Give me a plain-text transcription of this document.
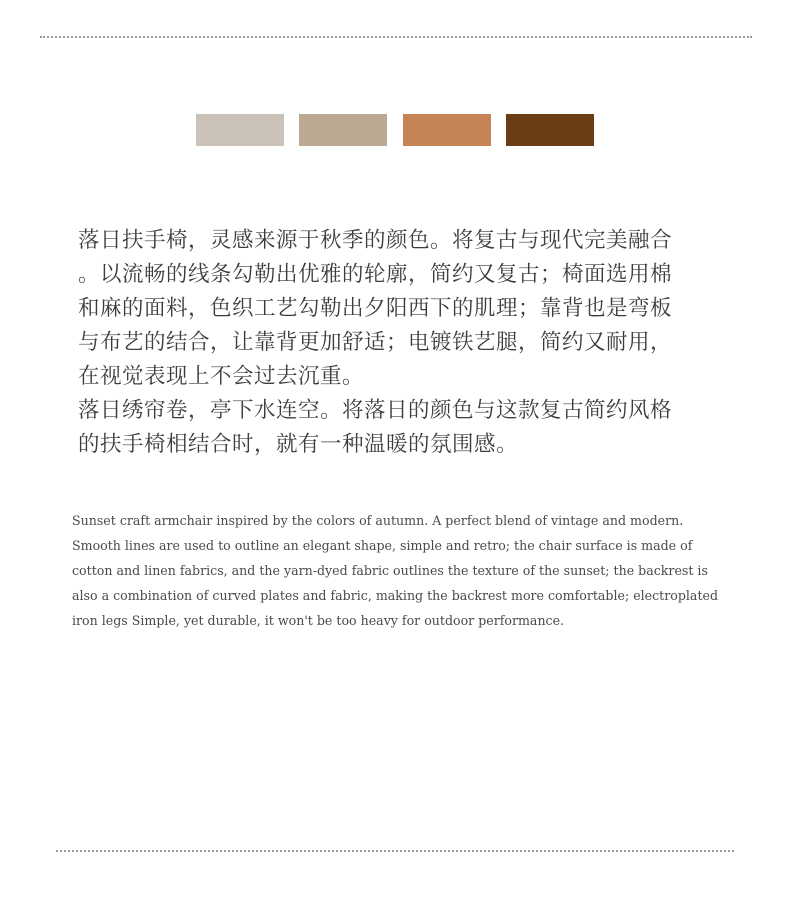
落日扶手椅，灵感来源于秋季的颜色。将复古与现代完美融合
。以流畅的线条勾勒出优雅的轮廓，简约又复古；椅面选用棉
和麻的面料，色织工艺勾勒出夕阳西下的肌理；靠背也是弯板
与布艺的结合，让靠背更加舒适；电镀铁艺腿，简约又耐用，
在视觉表现上不会过去沉重。
落日绣帘卷，亭下水连空。将落日的颜色与这款复古简约风格
的扶手椅相结合时，就有一种温暖的氛围感。
Sunset craft armchair inspired by the colors of autumn. A perfect blend of vintage and modern.
Smooth lines are used to outline an elegant shape, simple and retro; the chair surface is made of
cotton and linen fabrics, and the yarn-dyed fabric outlines the texture of the sunset; the backrest is
also a combination of curved plates and fabric, making the backrest more comfortable; electroplated
iron legs Simple, yet durable, it won't be too heavy for outdoor performance.
